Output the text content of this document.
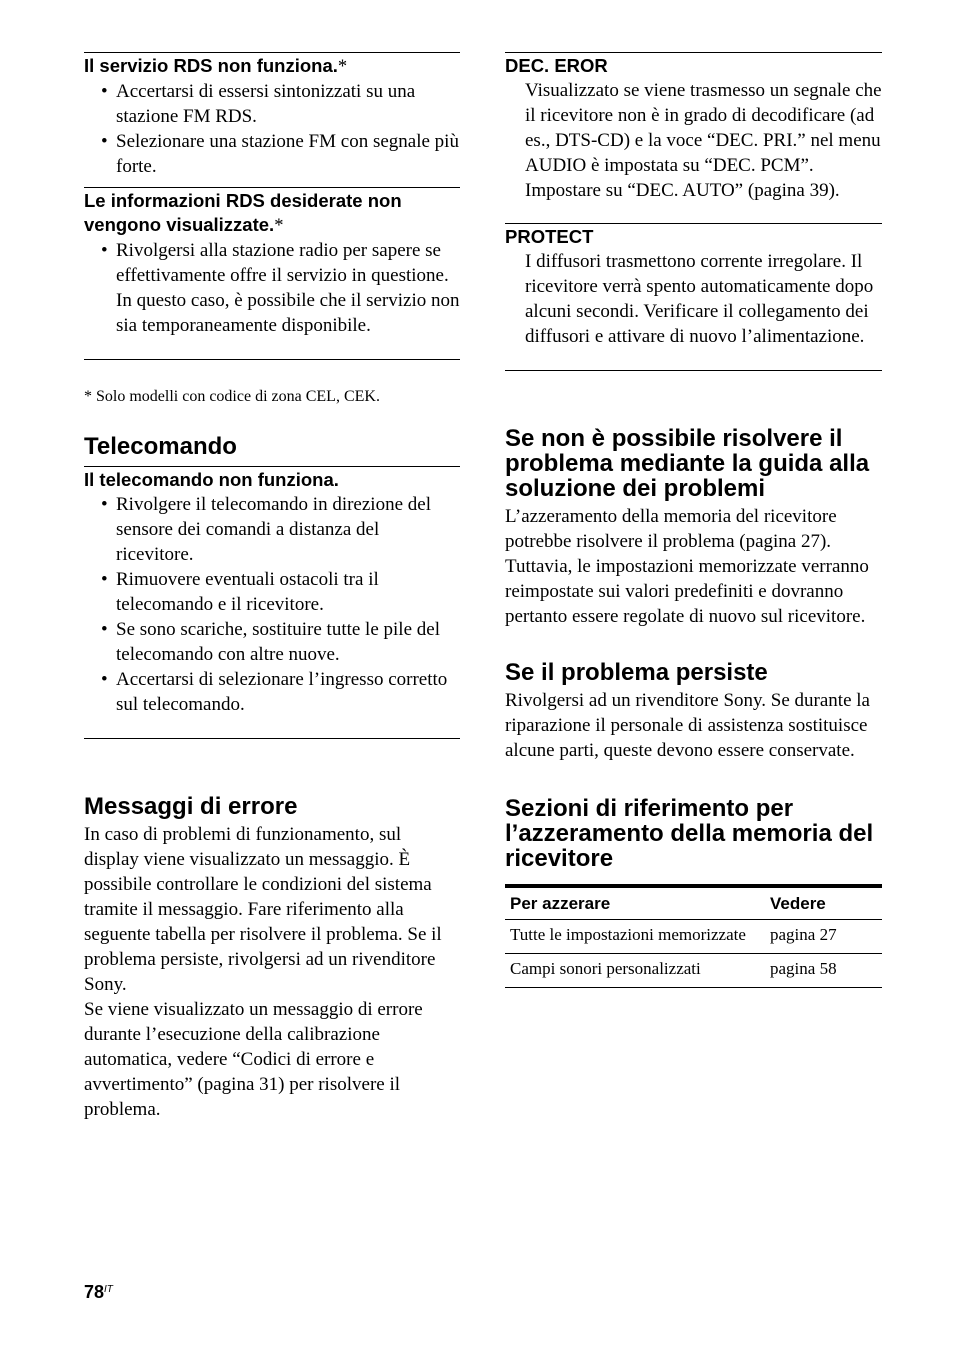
Il servizio RDS non funziona.*
• Accertarsi di essersi sintonizzati su una stazione FM RDS.
• Selezionare una stazione FM con segnale più forte.
Le informazioni RDS desiderate non vengono visualizzate.*
• Rivolgersi alla stazione radio per sapere se effettivamente offre il servizio in questione. In questo caso, è possibile che il servizio non sia temporaneamente disponibile.
* Solo modelli con codice di zona CEL, CEK.
Telecomando
Il telecomando non funziona.
• Rivolgere il telecomando in direzione del sensore dei comandi a distanza del ricevitore.
• Rimuovere eventuali ostacoli tra il telecomando e il ricevitore.
• Se sono scariche, sostituire tutte le pile del telecomando con altre nuove.
• Accertarsi di selezionare l’ingresso corretto sul telecomando.
Messaggi di errore

In caso di problemi di funzionamento, sul display viene visualizzato un messaggio. È possibile controllare le condizioni del sistema tramite il messaggio. Fare riferimento alla seguente tabella per risolvere il problema. Se il problema persiste, rivolgersi ad un rivenditore Sony.

Se viene visualizzato un messaggio di errore durante l’esecuzione della calibrazione automatica, vedere “Codici di errore e avvertimento” (pagina 31) per risolvere il problema.

DEC. EROR

Visualizzato se viene trasmesso un segnale che il ricevitore non è in grado di decodificare (ad es., DTS-CD) e la voce “DEC. PRI.” nel menu AUDIO è impostata su “DEC. PCM”. Impostare su “DEC. AUTO” (pagina 39).

PROTECT

I diffusori trasmettono corrente irregolare. Il ricevitore verrà spento automaticamente dopo alcuni secondi. Verificare il collegamento dei diffusori e attivare di nuovo l’alimentazione.

Se non è possibile risolvere il problema mediante la guida alla soluzione dei problemi

L’azzeramento della memoria del ricevitore potrebbe risolvere il problema (pagina 27). Tuttavia, le impostazioni memorizzate verranno reimpostate sui valori predefiniti e dovranno pertanto essere regolate di nuovo sul ricevitore.

Se il problema persiste

Rivolgersi ad un rivenditore Sony. Se durante la riparazione il personale di assistenza sostituisce alcune parti, queste devono essere conservate.

Sezioni di riferimento per l’azzeramento della memoria del ricevitore
Per azzerare	Vedere
Tutte le impostazioni memorizzate	pagina 27
Campi sonori personalizzati	pagina 58
$78^{IT}$
